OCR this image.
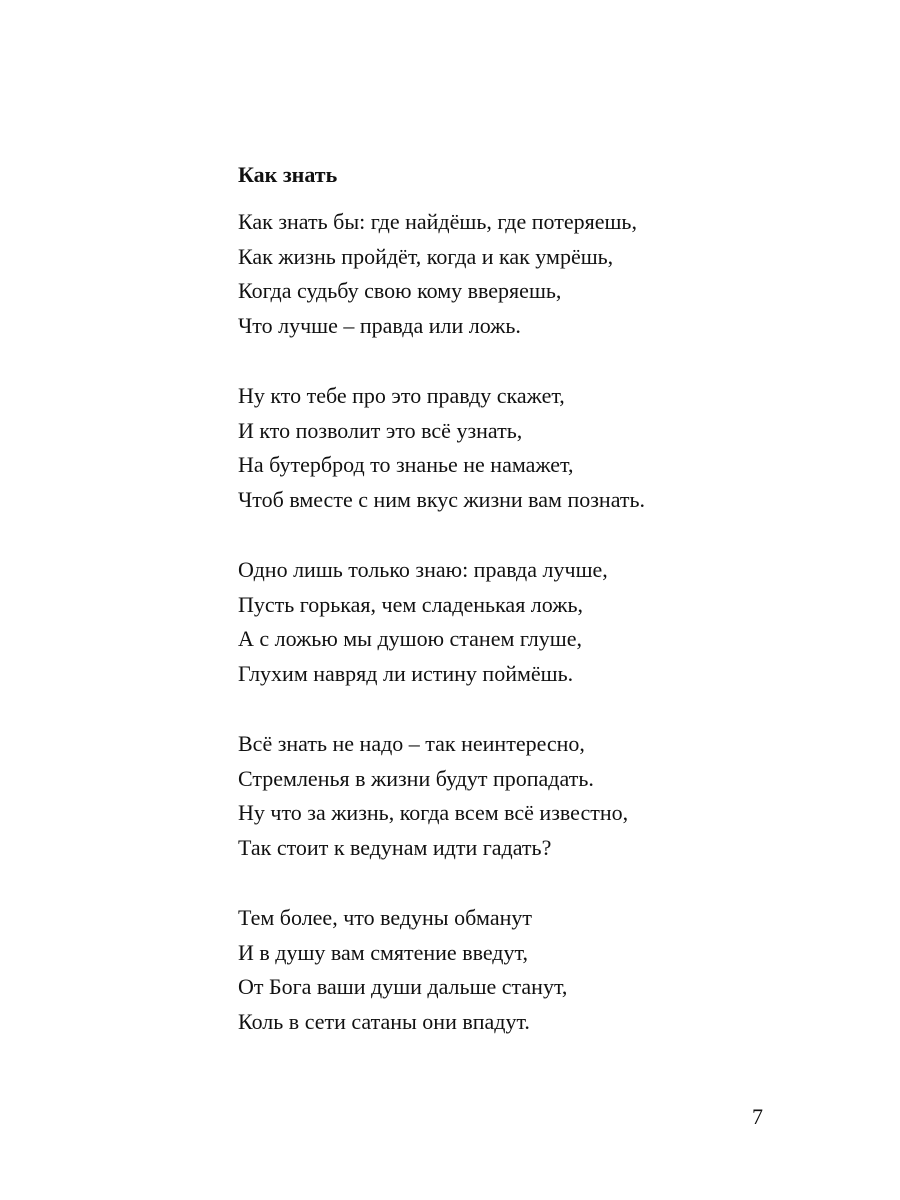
Как знать
Как знать бы: где найдёшь, где потеряешь,
Как жизнь пройдёт, когда и как умрёшь,
Когда судьбу свою кому вверяешь,
Что лучше – правда или ложь.
Ну кто тебе про это правду скажет,
И кто позволит это всё узнать,
На бутерброд то знанье не намажет,
Чтоб вместе с ним вкус жизни вам познать.
Одно лишь только знаю: правда лучше,
Пусть горькая, чем сладенькая ложь,
А с ложью мы душою станем глуше,
Глухим навряд ли истину поймёшь.
Всё знать не надо – так неинтересно,
Стремленья в жизни будут пропадать.
Ну что за жизнь, когда всем всё известно,
Так стоит к ведунам идти гадать?
Тем более, что ведуны обманут
И в душу вам смятение введут,
От Бога ваши души дальше станут,
Коль в сети сатаны они впадут.
7
